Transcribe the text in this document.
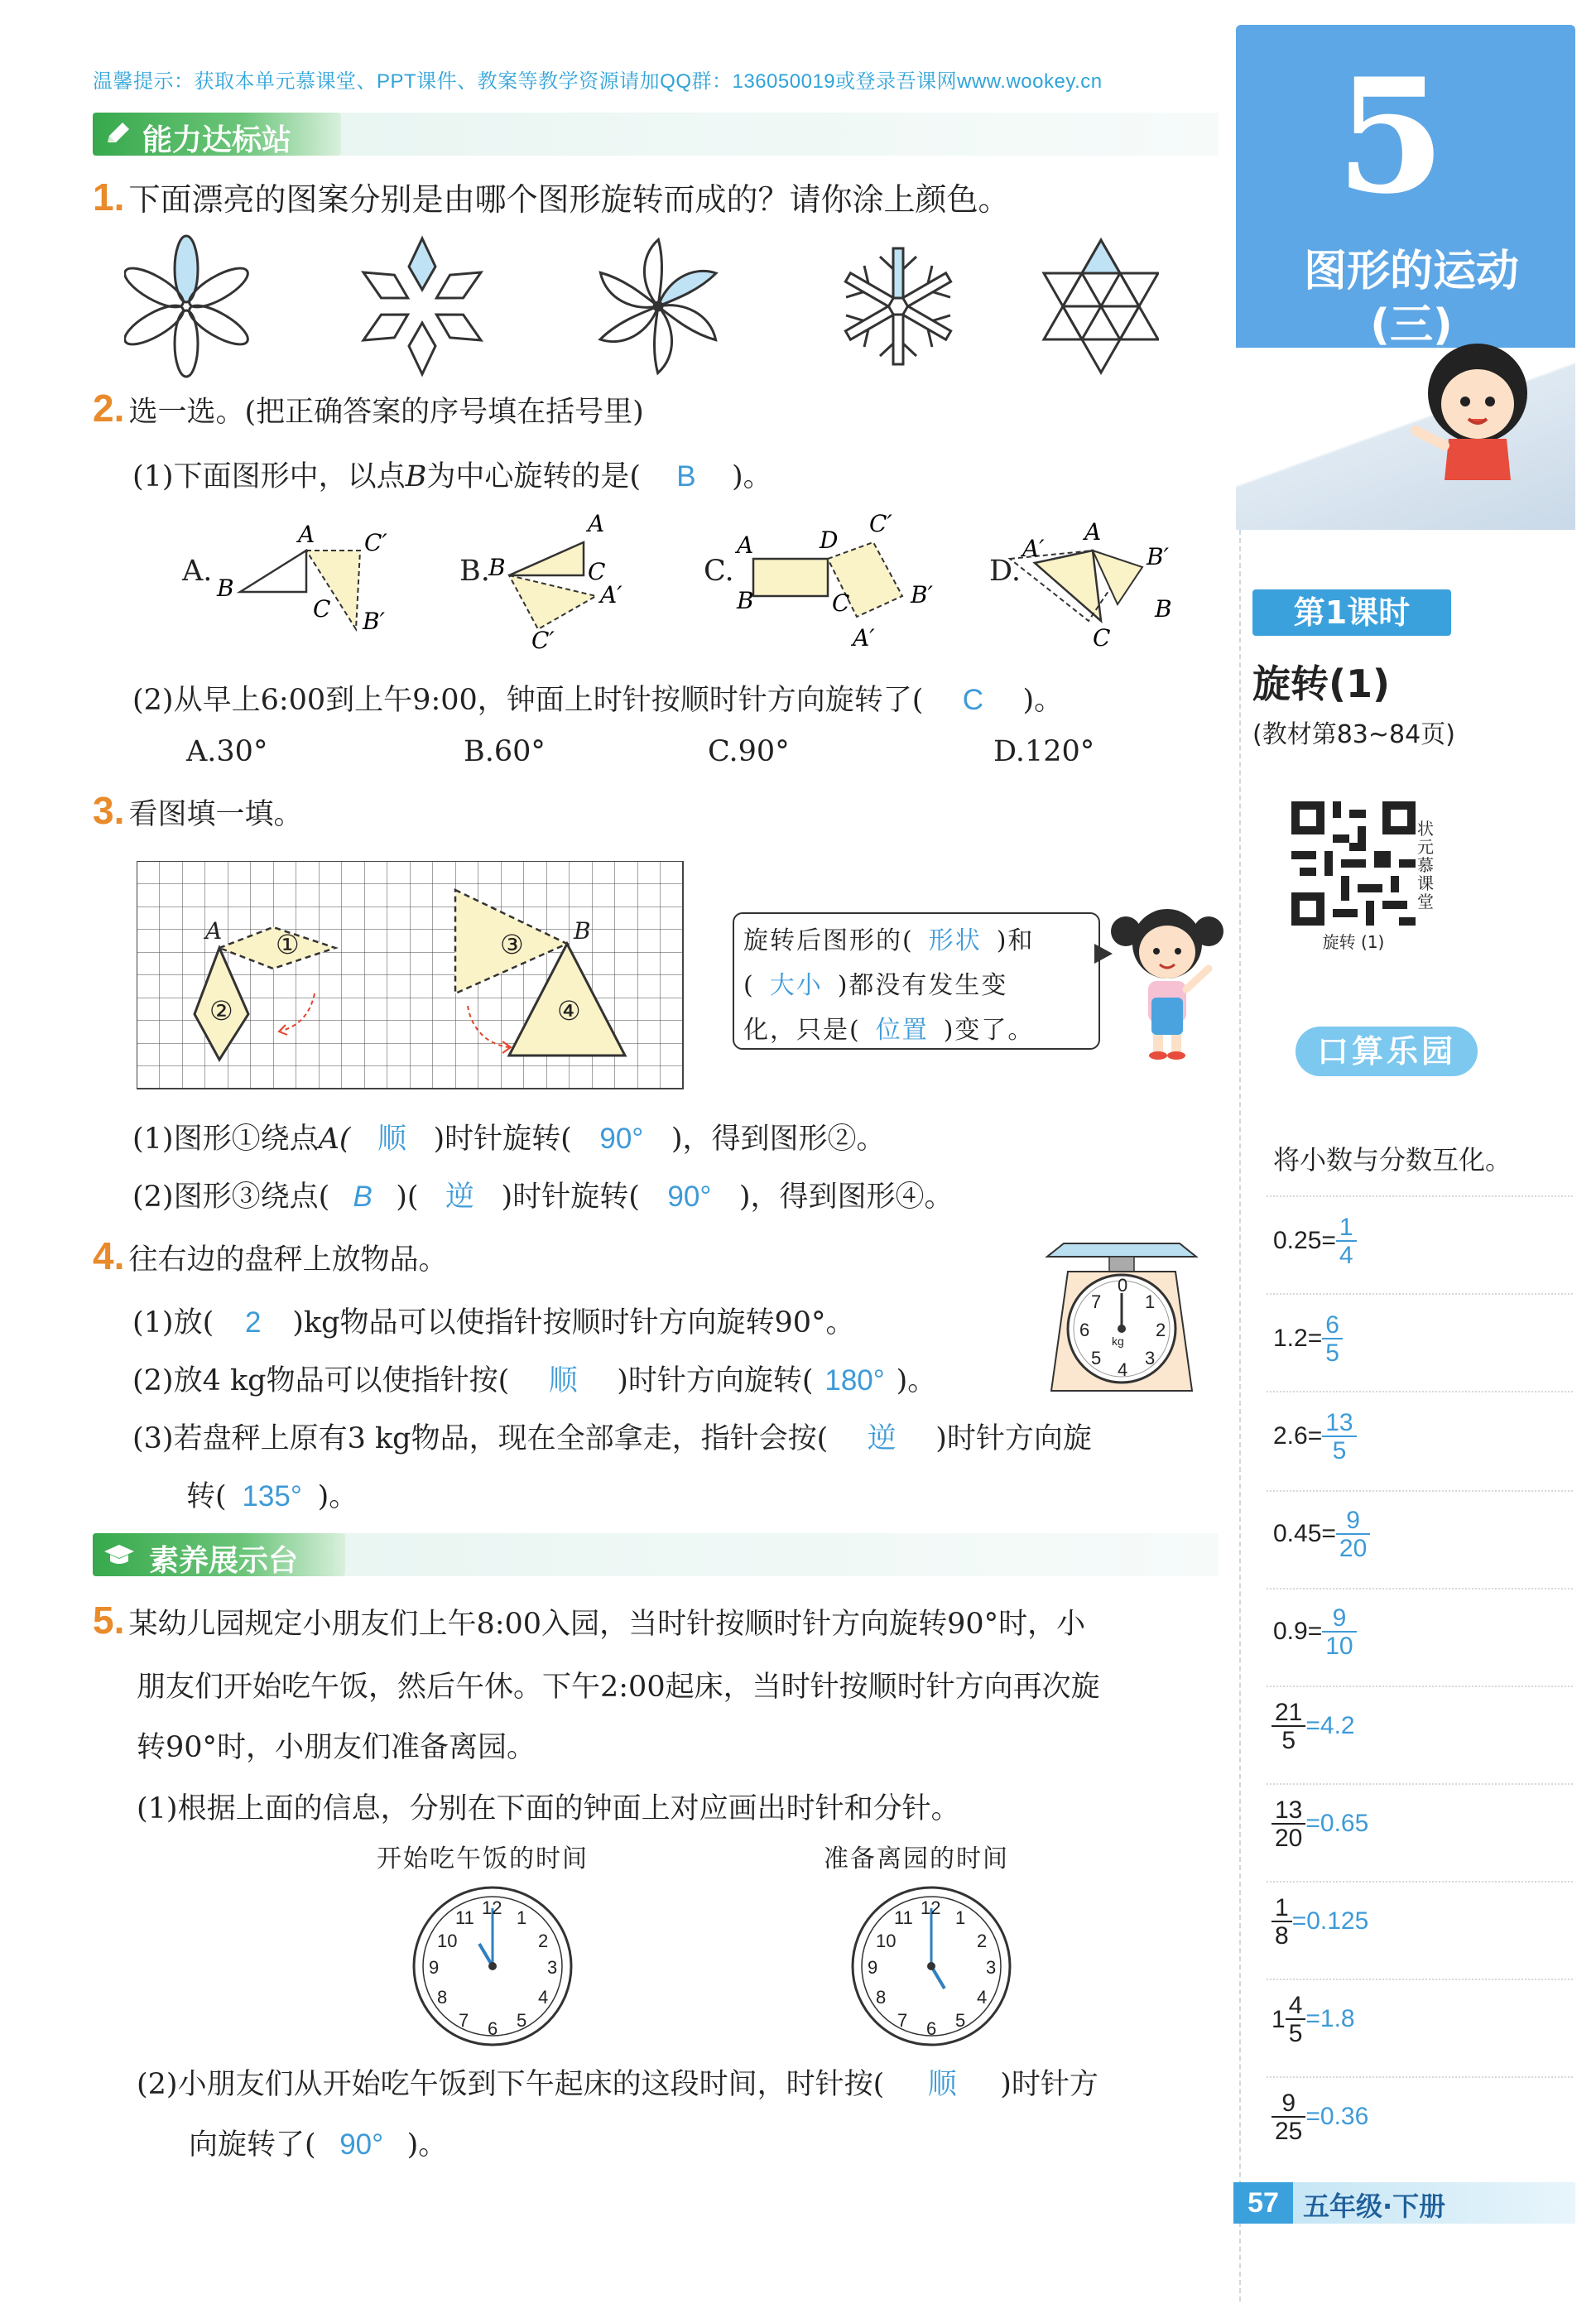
温馨提示：获取本单元慕课堂、PPT课件、教案等教学资源请加QQ群：136050019或登录吾课网www.wookey.cn
能力达标站
1. 下面漂亮的图案分别是由哪个图形旋转而成的？请你涂上颜色。
2. 选一选。(把正确答案的序号填在括号里)
(1)下面图形中，以点B为中心旋转的是( B )。
A C′
C B′
B
A
C
A′
C′
B
A	D
C′
B	C	B′
A′
A
A′	B′
B
C
A.	B.	C.	D.
(2)从早上6:00到上午9:00，钟面上时针按顺时针方向旋转了( C )。
A.30°	B.60°	C.90°	D.120°
3. 看图填一填。
A	B
①
②
③
④
旋转后图形的( 形状 )和
( 大小 )都没有发生变
化，只是( 位置 )变了。
(1)图形①绕点A( 顺 )时针旋转( 90° )，得到图形②。
(2)图形③绕点( B )( 逆 )时针旋转( 90° )，得到图形④。
4. 往右边的盘秤上放物品。
(1)放( 2 )kg物品可以使指针按顺时针方向旋转90°。
(2)放4 kg物品可以使指针按( 顺 )时针方向旋转( 180° )。
(3)若盘秤上原有3 kg物品，现在全部拿走，指针会按( 逆 )时针方向旋
转( 135° )。
0
1
2
3
4
5
6
7
kg
素养展示台
5. 某幼儿园规定小朋友们上午8:00入园，当时针按顺时针方向旋转90°时，小
朋友们开始吃午饭，然后午休。下午2:00起床，当时针按顺时针方向再次旋
转90°时，小朋友们准备离园。
(1)根据上面的信息，分别在下面的钟面上对应画出时针和分针。
开始吃午饭的时间	准备离园的时间
12 1
2
3
4
5
6
7
8
9
10
11	12 1
2
3
4
5
6
7
8
9
10
11
(2)小朋友们从开始吃午饭到下午起床的这段时间，时针按( 顺 )时针方
向旋转了( 90° )。
5
图形的运动
(三)
第1课时
旋转(1)
(教材第83~84页)
状元慕课堂
旋转 (1)
口算乐园
将小数与分数互化。
$0.25= \frac{1}{4}$
$1.2= \frac{6}{5}$
$2.6= \frac{13}{5}$
$0.45= \frac{9}{20}$
$0.9= \frac{9}{10}$
$\frac{21}{5} =4.2$
$\frac{13}{20} =0.65$
$\frac{1}{8} =0.125$
$1 \frac{4}{5} =1.8$
$\frac{9}{25} =0.36$
57 五年级·下册
